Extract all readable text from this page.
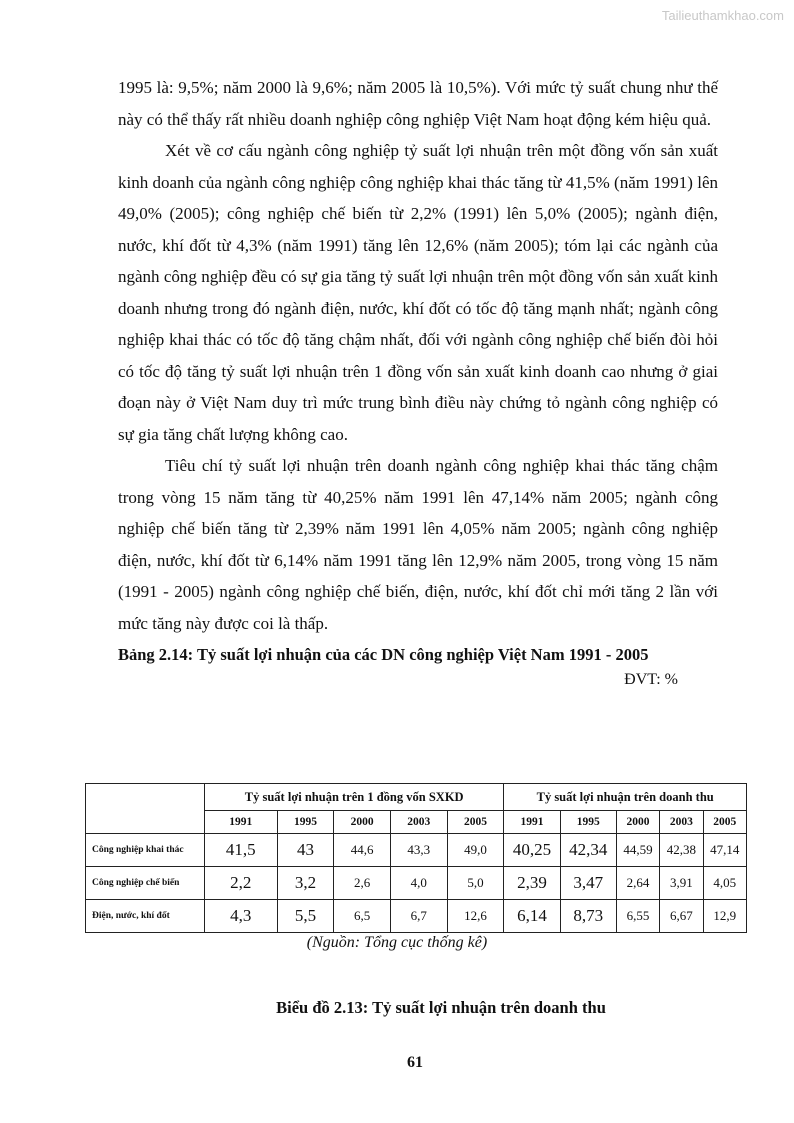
Tailieuthamkhao.com

1995 là: 9,5%; năm 2000 là 9,6%; năm 2005 là 10,5%). Với mức tỷ suất chung như thế này có thể thấy rất nhiều doanh nghiệp công nghiệp Việt Nam hoạt động kém hiệu quả.

Xét về cơ cấu ngành công nghiệp tỷ suất lợi nhuận trên một đồng vốn sản xuất kinh doanh của ngành công nghiệp công nghiệp khai thác tăng từ 41,5% (năm 1991) lên 49,0% (2005); công nghiệp chế biến từ 2,2% (1991) lên 5,0% (2005); ngành điện, nước, khí đốt từ 4,3% (năm 1991) tăng lên 12,6% (năm 2005); tóm lại các ngành của ngành công nghiệp đều có sự gia tăng tỷ suất lợi nhuận trên một đồng vốn sản xuất kinh doanh nhưng trong đó ngành điện, nước, khí đốt có tốc độ tăng mạnh nhất; ngành công nghiệp khai thác có tốc độ tăng chậm nhất, đối với ngành công nghiệp chế biến đòi hỏi có tốc độ tăng tỷ suất lợi nhuận trên 1 đồng vốn sản xuất kinh doanh cao nhưng ở giai đoạn này ở Việt Nam duy trì mức trung bình điều này chứng tỏ ngành công nghiệp có sự gia tăng chất lượng không cao.

Tiêu chí tỷ suất lợi nhuận trên doanh ngành công nghiệp khai thác tăng chậm trong vòng 15 năm tăng từ 40,25% năm 1991 lên 47,14% năm 2005; ngành công nghiệp chế biến tăng từ 2,39% năm 1991 lên 4,05% năm 2005; ngành công nghiệp điện, nước, khí đốt từ 6,14% năm 1991 tăng lên 12,9% năm 2005, trong vòng 15 năm (1991 - 2005) ngành công nghiệp chế biến, điện, nước, khí đốt chỉ mới tăng 2 lần với mức tăng này được coi là thấp.

Bảng 2.14: Tỷ suất lợi nhuận của các DN công nghiệp Việt Nam 1991 - 2005
ĐVT: %
	Tỷ suất lợi nhuận trên 1 đồng vốn SXKD					Tỷ suất lợi nhuận trên doanh thu				
	1991	1995	2000	2003	2005	1991	1995	2000	2003	2005
Công nghiệp khai thác	41,5	43	44,6	43,3	49,0	40,25	42,34	44,59	42,38	47,14
Công nghiệp chế biến	2,2	3,2	2,6	4,0	5,0	2,39	3,47	2,64	3,91	4,05
Điện, nước, khí đốt	4,3	5,5	6,5	6,7	12,6	6,14	8,73	6,55	6,67	12,9
(Nguồn: Tổng cục thống kê)
Biểu đồ 2.13: Tỷ suất lợi nhuận trên doanh thu
61
